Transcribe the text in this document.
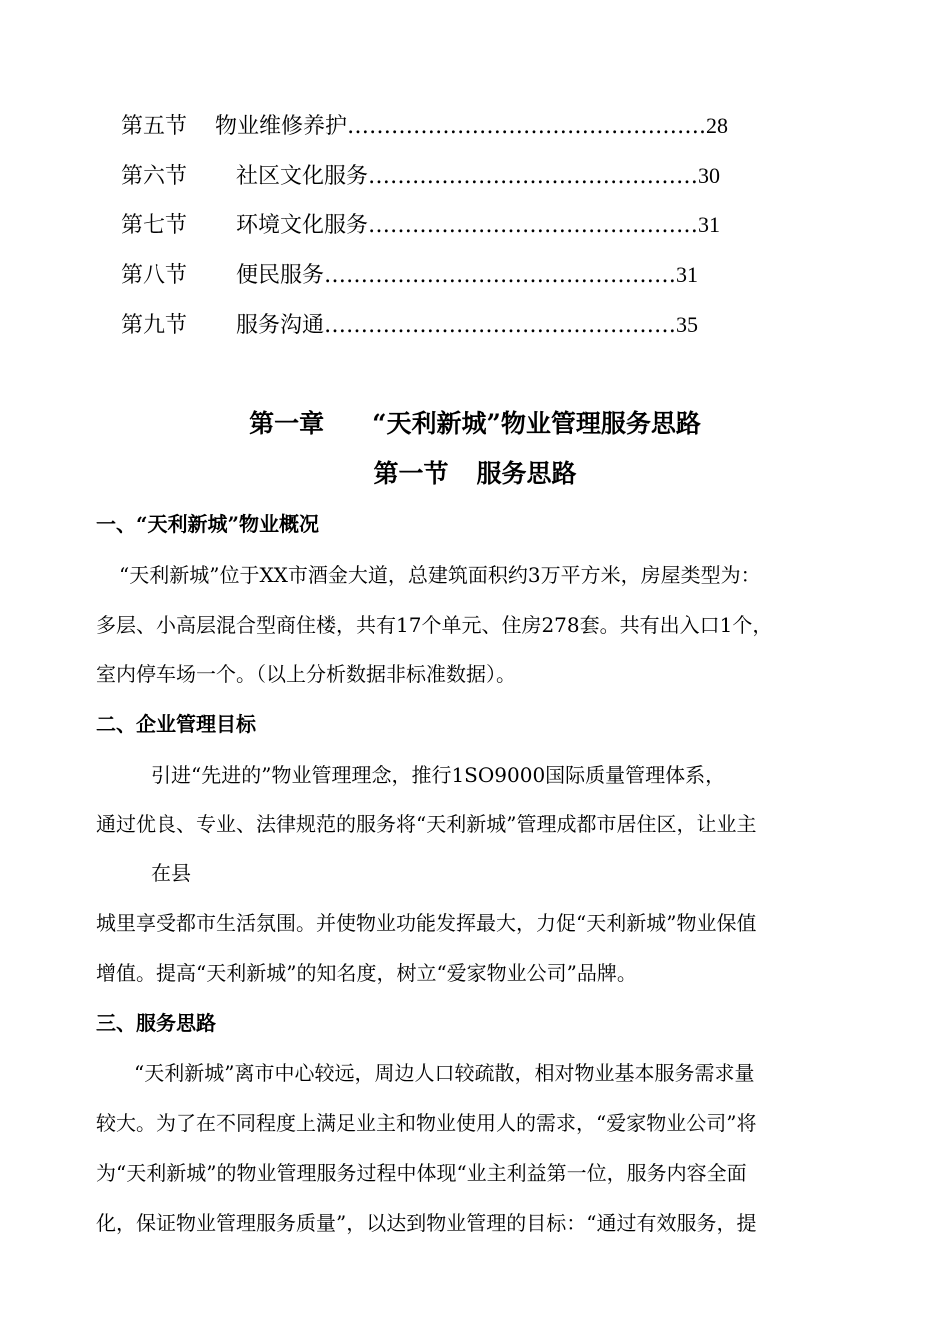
第五节	物业维修养护 …………………………………………. 28
第六节	社区文化服务 ……………………………………… 30
第七节	环境文化服务 ……………………………………… 31
第八节	便民服务 ………………………………………… 31
第九节	服务沟通 ………………………………………… 35
第一章 “天利新城”物业管理服务思路
第一节 服务思路
一、“天利新城”物业概况
“天利新城”位于XX市酒金大道，总建筑面积约3万平方米，房屋类型为：
多层、小高层混合型商住楼，共有17个单元、住房278套。共有出入口1个，
室内停车场一个。（以上分析数据非标准数据）。
二、企业管理目标
引进“先进的”物业管理理念，推行1SO9000国际质量管理体系，
通过优良、专业、法律规范的服务将“天利新城”管理成都市居住区，让业主
在县
城里享受都市生活氛围。并使物业功能发挥最大，力促“天利新城”物业保值
增值。提高“天利新城”的知名度，树立“爱家物业公司”品牌。
三、服务思路
“天利新城”离市中心较远，周边人口较疏散，相对物业基本服务需求量
较大。为了在不同程度上满足业主和物业使用人的需求，“爱家物业公司”将
为“天利新城”的物业管理服务过程中体现“业主利益第一位，服务内容全面
化，保证物业管理服务质量”，以达到物业管理的目标：“通过有效服务，提
